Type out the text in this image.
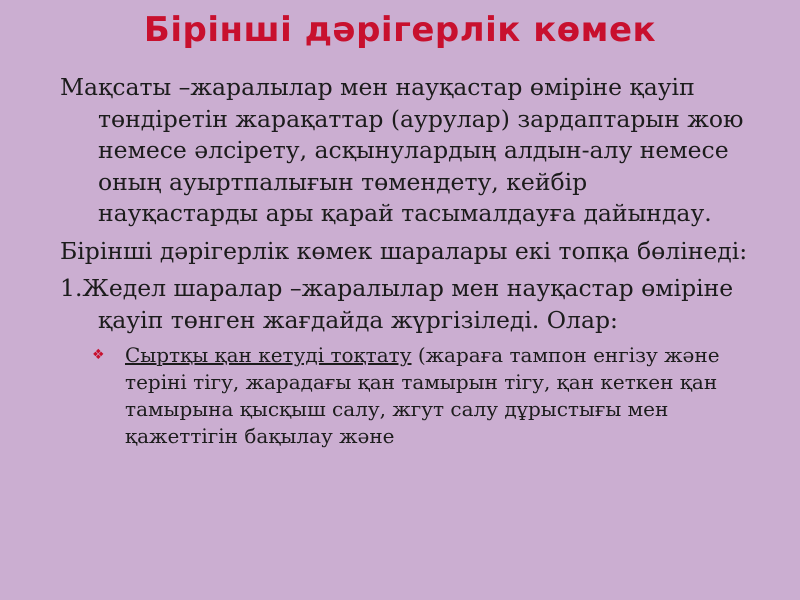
Бірінші дәрігерлік көмек

Мақсаты –жаралылар мен науқастар өміріне қауіп төндіретін жарақаттар (аурулар) зардаптарын жою немесе әлсірету, асқынулардың алдын-алу немесе оның ауыртпалығын төмендету, кейбір науқастарды ары қарай тасымалдауға дайындау.

Бірінші дәрігерлік көмек шаралары екі топқа бөлінеді:

1.Жедел шаралар –жаралылар мен науқастар өміріне қауіп төнген жағдайда жүргізіледі. Олар:

❖ Сыртқы қан кетуді тоқтату (жараға тампон енгізу және теріні тігу, жарадағы қан тамырын тігу, қан кеткен қан тамырына қысқыш салу, жгут салу дұрыстығы мен қажеттігін бақылау және
